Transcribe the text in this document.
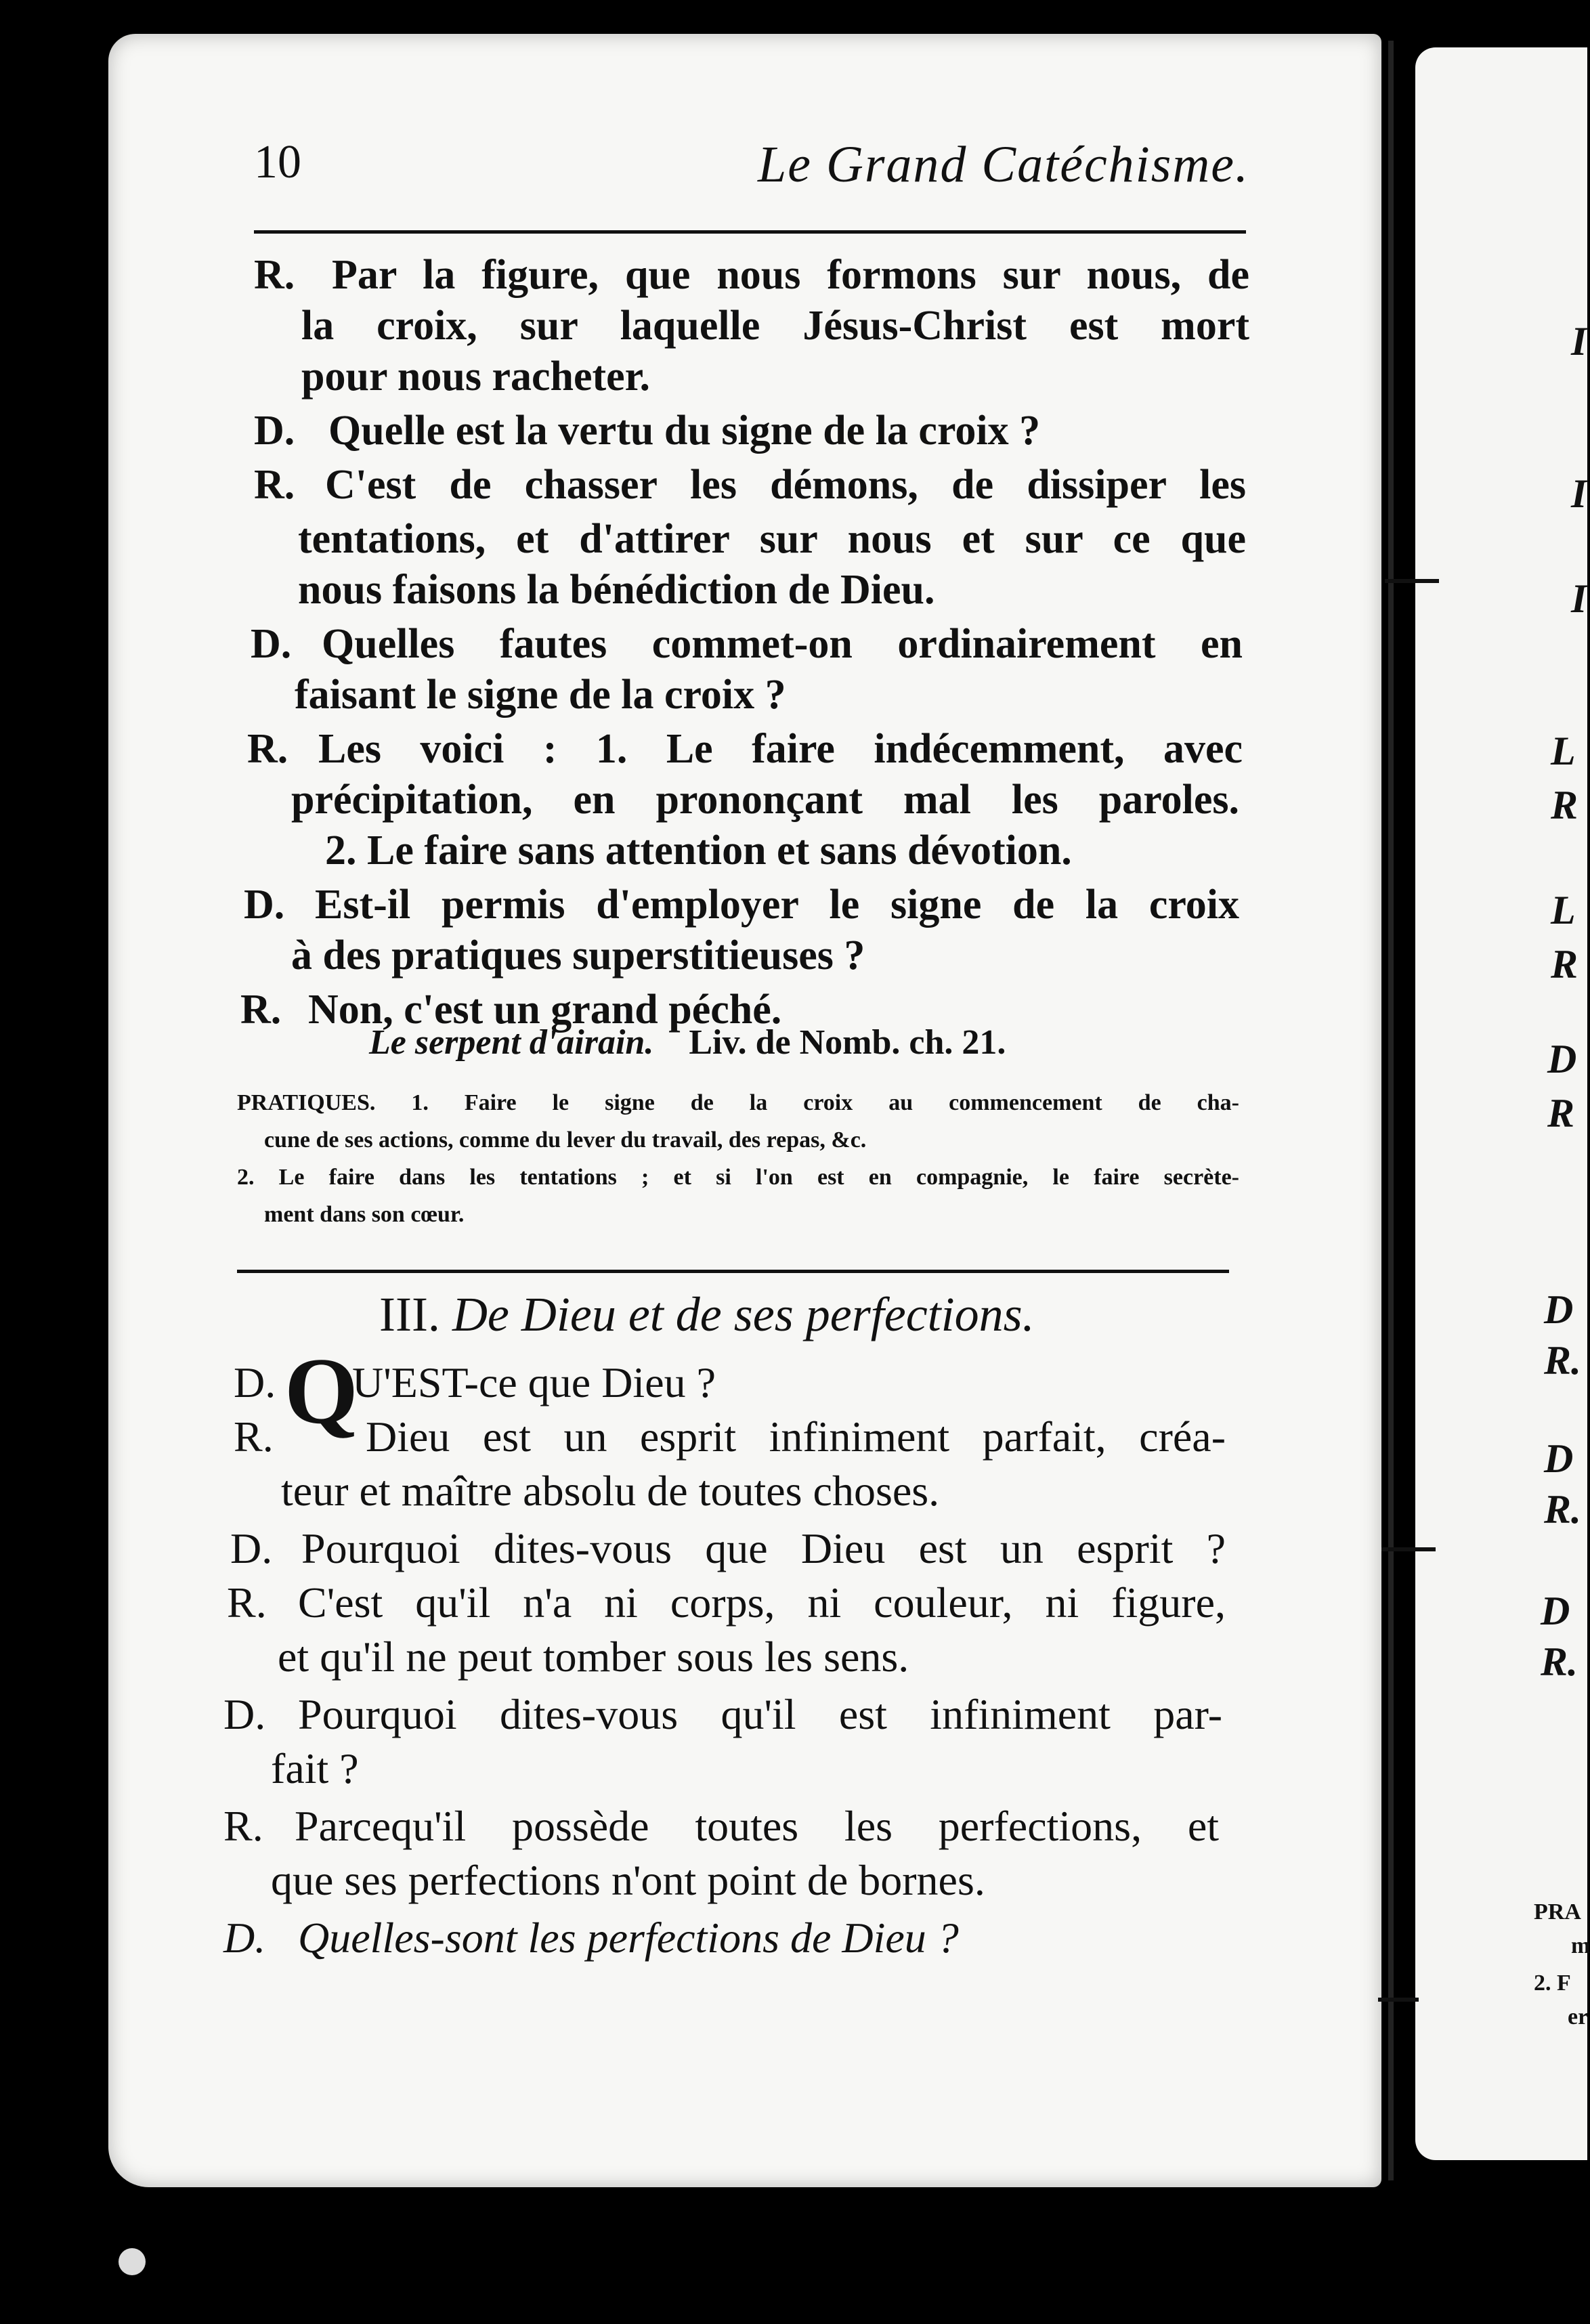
10	Le Grand Catéchisme.
R. Par la figure, que nous formons sur nous, de
la croix, sur laquelle Jésus-Christ est mort
pour nous racheter.
D. Quelle est la vertu du signe de la croix ?
R. C'est de chasser les démons, de dissiper les
tentations, et d'attirer sur nous et sur ce que
nous faisons la bénédiction de Dieu.
D. Quelles fautes commet-on ordinairement en
faisant le signe de la croix ?
R. Les voici : 1. Le faire indécemment, avec
précipitation, en prononçant mal les paroles.
2. Le faire sans attention et sans dévotion.
D. Est-il permis d'employer le signe de la croix
à des pratiques superstitieuses ?
R. Non, c'est un grand péché.
Le serpent d'airain. Liv. de Nomb. ch. 21.
PRATIQUES. 1. Faire le signe de la croix au commencement de cha-
cune de ses actions, comme du lever du travail, des repas, &c.
2. Le faire dans les tentations ; et si l'on est en compagnie, le faire secrète-
ment dans son cœur.
III. De Dieu et de ses perfections.
D. Q
U'EST-ce que Dieu ?
R. Dieu est un esprit infiniment parfait, créa-
teur et maître absolu de toutes choses.
D. Pourquoi dites-vous que Dieu est un esprit ?
R. C'est qu'il n'a ni corps, ni couleur, ni figure,
et qu'il ne peut tomber sous les sens.
D. Pourquoi dites-vous qu'il est infiniment par-
fait ?
R. Parcequ'il possède toutes les perfections, et
que ses perfections n'ont point de bornes.
D. Quelles-sont les perfections de Dieu ?
I
I
I
L
R
L
R
D
R
D
R.
D
R.
D
R.
PRA
m
2. F
er
